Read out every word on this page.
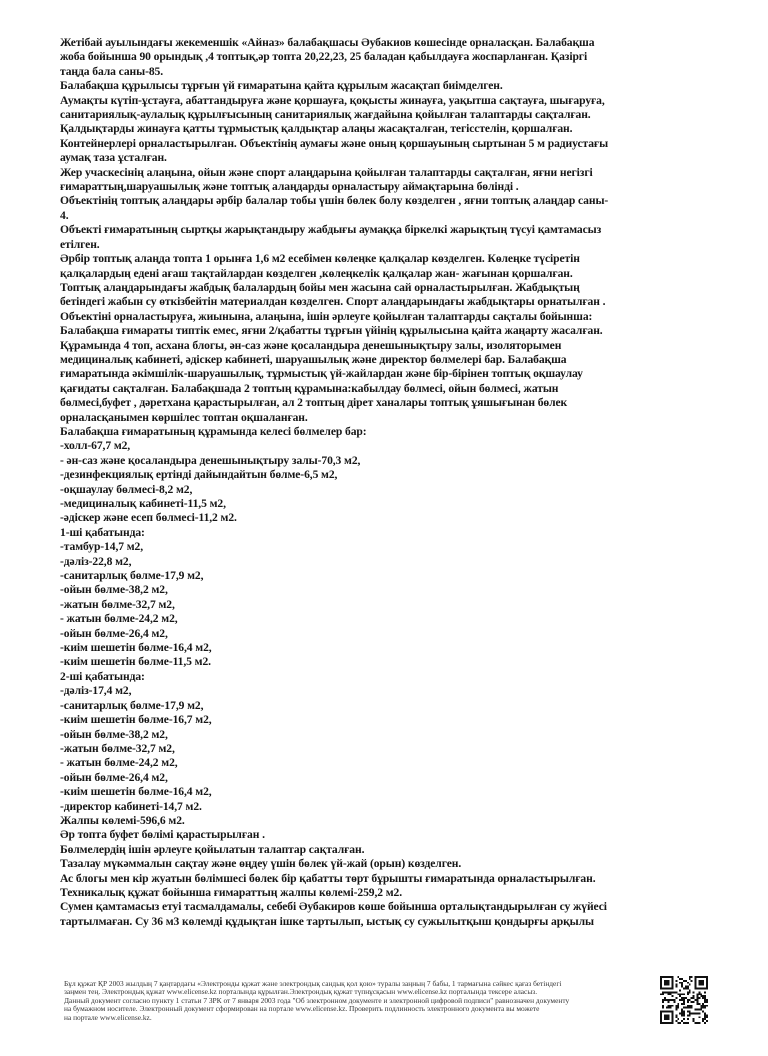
Жетібай ауылындағы жекеменшік «Айназ» балабақшасы Әубакиов көшесінде орналасқан. Балабақша
жоба бойынша 90 орындық ,4 топтық,әр топта 20,22,23, 25 баладан қабылдауға жоспарланған. Қазіргі
таңда бала саны-85.
Балабақша құрылысы тұрғын үй ғимаратына қайта құрылым жасақтап биімделген.
Аумақты күтіп-ұстауға, абаттандыруға және қоршауға, қоқысты жинауға, уақытша сақтауға, шығаруға,
санитариялық-аулалық құрылғысының санитариялық жағдайына қойылған талаптарды сақталған.
Қалдықтарды жинауға қатты тұрмыстық қалдықтар алаңы жасақталған, тегісстелін, қоршалған.
Контейнерлері орналастырылған. Объектінің аумағы және оның қоршауының сыртынан 5 м радиустағы
аумақ таза ұсталған.
Жер учаскесінің алаңына, ойын және спорт алаңдарына қойылған талаптарды сақталған, яғни негізгі
ғимараттың,шаруашылық және топтық алаңдарды орналастыру аймақтарына бөлінді .
Объектінің топтық алаңдары әрбір балалар тобы үшін бөлек болу көзделген , яғни топтық алаңдар саны-
4.
Объекті ғимаратының сыртқы жарықтандыру жабдығы аумаққа біркелкі жарықтың түсуі қамтамасыз
етілген.
Әрбір топтық алаңда топта 1 орынға 1,6 м2 есебімен көлеңке қалқалар көзделген. Көлеңке түсіретін
қалқалардың едені ағаш тақтайлардан көзделген ,көлеңкелік қалқалар жан- жағынан қоршалған.
Топтық алаңдарындағы жабдық балалардың бойы мен жасына сай орналастырылған. Жабдықтың
бетіндегі жабын су өткізбейтін материалдан көзделген. Спорт алаңдарындағы жабдықтары орнатылған .
Объектіні орналастыруға, жиынына, алаңына, ішін әрлеуге қойылған талаптарды сақталы бойынша:
Балабақша ғимараты типтік емес, яғни 2/қабатты тұрғын үйінің құрылысына қайта жаңарту жасалған.
Құрамында 4 топ, асхана блогы, ән-саз және қосаландыра денешынықтыру залы, изоляторымен
медициналық кабинеті, әдіскер кабинеті, шаруашылық және директор бөлмелері бар. Балабақша
ғимаратында әкімшілік-шаруашылық, тұрмыстық үй-жайлардан және бір-бірінен топтық оқшаулау
қағидаты сақталған. Балабақшада 2 топтың құрамына:кабылдау бөлмесі, ойын бөлмесі, жатын
бөлмесі,буфет , дәретхана қарастырылған, ал 2 топтың дірет ханалары топтық ұяшығынан бөлек
орналасқанымен көршілес топтан оқшаланған.
Балабақша ғимаратының құрамында келесі бөлмелер бар:
-холл-67,7 м2,
- ән-саз және қосаландыра денешынықтыру залы-70,3 м2,
-дезинфекциялық ертінді дайындайтын бөлме-6,5 м2,
-оқшаулау бөлмесі-8,2 м2,
-медициналық кабинеті-11,5 м2,
-әдіскер және есеп бөлмесі-11,2 м2.
1-ші қабатында:
-тамбур-14,7 м2,
-дәліз-22,8 м2,
-санитарлық бөлме-17,9 м2,
-ойын бөлме-38,2 м2,
-жатын бөлме-32,7 м2,
- жатын бөлме-24,2 м2,
-ойын бөлме-26,4 м2,
-киім шешетін бөлме-16,4 м2,
-киім шешетін бөлме-11,5 м2.
2-ші қабатында:
-дәліз-17,4 м2,
-санитарлық бөлме-17,9 м2,
-киім шешетін бөлме-16,7 м2,
-ойын бөлме-38,2 м2,
-жатын бөлме-32,7 м2,
- жатын бөлме-24,2 м2,
-ойын бөлме-26,4 м2,
-киім шешетін бөлме-16,4 м2,
-директор кабинеті-14,7 м2.
Жалпы көлемі-596,6 м2.
Әр топта буфет бөлімі қарастырылған .
Бөлмелердің ішін әрлеуге қойылатын талаптар сақталған.
Тазалау мүкәммалын сақтау және өңдеу үшін бөлек үй-жай (орын) көзделген.
Ас блогы мен кір жуатын бөлімшесі бөлек бір қабатты төрт бұрышты ғимаратында орналастырылған.
Техникалық құжат бойынша ғимараттың жалпы көлемі-259,2 м2.
Сумен қамтамасыз етуі тасмалдамалы, себебі Әубакиров көше бойынша орталықтандырылған су жүйесі
тартылмаған. Су 36 м3 көлемді құдықтан ішке тартылып, ыстық су сужылытқыш қондырғы арқылы
Бұл құжат ҚР 2003 жылдың 7 қаңтардағы «Электронды құжат және электрондық сандық қол қою» туралы заңның 7 бабы, 1 тармағына сәйкес қағаз бетіндегі
заңмен тең. Электрондық құжат www.elicense.kz порталында құрылған.Электрондық құжат түпнұсқасын www.elicense.kz порталында тексере аласыз.
Данный документ согласно пункту 1 статьи 7 ЗРК от 7 января 2003 года "Об электронном документе и электронной цифровой подписи" равнозначен документу
на бумажном носителе. Электронный документ сформирован на портале www.elicense.kz. Проверить подлинность электронного документа вы можете
на портале www.elicense.kz.
